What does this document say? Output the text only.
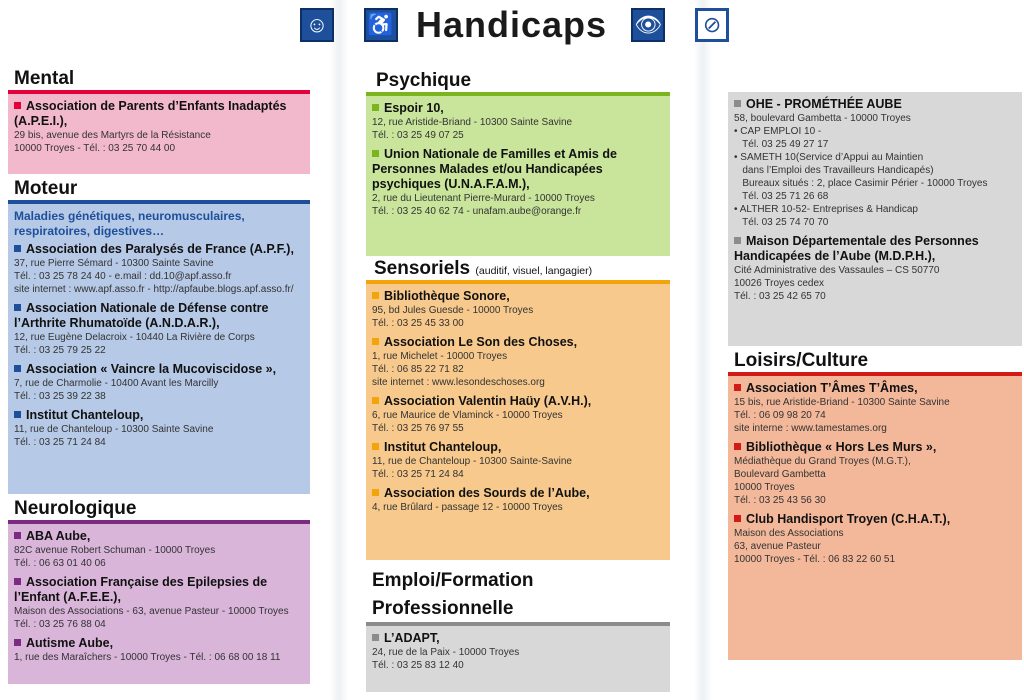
☺ ♿ Handicaps 👁	⊘
Mental
Association de Parents d’Enfants Inadaptés (A.P.E.I.),
29 bis, avenue des Martyrs de la Résistance
10000 Troyes - Tél. : 03 25 70 44 00
Moteur
Maladies génétiques, neuromusculaires, respiratoires, digestives…
Association des Paralysés de France (A.P.F.),
37, rue Pierre Sémard - 10300 Sainte Savine
Tél. : 03 25 78 24 40 - e.mail : dd.10@apf.asso.fr
site internet : www.apf.asso.fr - http://apfaube.blogs.apf.asso.fr/
Association Nationale de Défense contre l’Arthrite Rhumatoïde (A.N.D.A.R.),
12, rue Eugène Delacroix - 10440 La Rivière de Corps
Tél. : 03 25 79 25 22
Association « Vaincre la Mucoviscidose »,
7, rue de Charmolie - 10400 Avant les Marcilly
Tél. : 03 25 39 22 38
Institut Chanteloup,
11, rue de Chanteloup - 10300 Sainte Savine
Tél. : 03 25 71 24 84
Neurologique
ABA Aube,
82C avenue Robert Schuman - 10000 Troyes
Tél. : 06 63 01 40 06
Association Française des Epilepsies de l’Enfant (A.F.E.E.),
Maison des Associations - 63, avenue Pasteur - 10000 Troyes
Tél. : 03 25 76 88 04
Autisme Aube,
1, rue des Maraîchers - 10000 Troyes - Tél. : 06 68 00 18 11
Psychique
Espoir 10,
12, rue Aristide-Briand - 10300 Sainte Savine
Tél. : 03 25 49 07 25
Union Nationale de Familles et Amis de Personnes Malades et/ou Handicapées psychiques (U.N.A.F.A.M.),
2, rue du Lieutenant Pierre-Murard - 10000 Troyes
Tél. : 03 25 40 62 74 - unafam.aube@orange.fr
Sensoriels (auditif, visuel, langagier)
Bibliothèque Sonore,
95, bd Jules Guesde - 10000 Troyes
Tél. : 03 25 45 33 00
Association Le Son des Choses,
1, rue Michelet - 10000 Troyes
Tél. : 06 85 22 71 82
site internet : www.lesondeschoses.org
Association Valentin Haüy (A.V.H.),
6, rue Maurice de Vlaminck - 10000 Troyes
Tél. : 03 25 76 97 55
Institut Chanteloup,
11, rue de Chanteloup - 10300 Sainte-Savine
Tél. : 03 25 71 24 84
Association des Sourds de l’Aube,
4, rue Brûlard - passage 12 - 10000 Troyes
Emploi/Formation
Professionnelle
L’ADAPT,
24, rue de la Paix - 10000 Troyes
Tél. : 03 25 83 12 40
OHE - PROMÉTHÉE AUBE
58, boulevard Gambetta - 10000 Troyes
• CAP EMPLOI 10 -
Tél. 03 25 49 27 17
• SAMETH 10(Service d’Appui au Maintien
dans l’Emploi des Travailleurs Handicapés)
Bureaux situés : 2, place Casimir Périer - 10000 Troyes
Tél. 03 25 71 26 68
• ALTHER 10-52- Entreprises & Handicap
Tél. 03 25 74 70 70
Maison Départementale des Personnes Handicapées de l’Aube (M.D.P.H.),
Cité Administrative des Vassaules – CS 50770
10026 Troyes cedex
Tél. : 03 25 42 65 70
Loisirs/Culture
Association T’Âmes T’Âmes,
15 bis, rue Aristide-Briand - 10300 Sainte Savine
Tél. : 06 09 98 20 74
site interne : www.tamestames.org
Bibliothèque « Hors Les Murs »,
Médiathèque du Grand Troyes (M.G.T.),
Boulevard Gambetta
10000 Troyes
Tél. : 03 25 43 56 30
Club Handisport Troyen (C.H.A.T.),
Maison des Associations
63, avenue Pasteur
10000 Troyes - Tél. : 06 83 22 60 51
